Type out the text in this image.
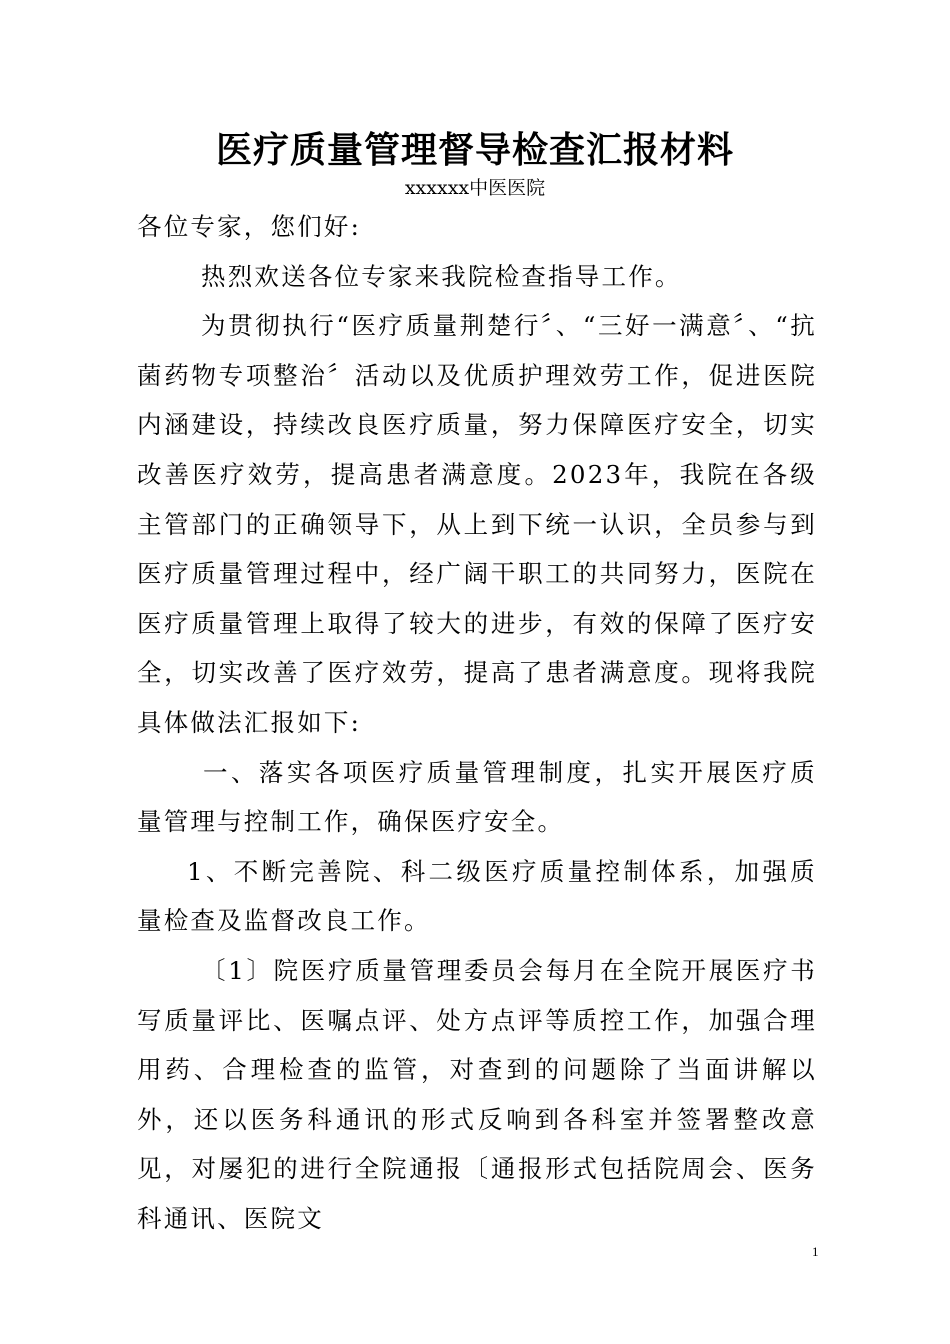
医疗质量管理督导检查汇报材料
xxxxxx中医医院

各位专家，您们好:

热烈欢送各位专家来我院检查指导工作。

为贯彻执行“医疗质量荆楚行〞、“三好一满意〞、“抗菌药物专项整治〞活动以及优质护理效劳工作，促进医院内涵建设，持续改良医疗质量，努力保障医疗安全，切实改善医疗效劳，提高患者满意度。2023年，我院在各级主管部门的正确领导下，从上到下统一认识，全员参与到医疗质量管理过程中，经广阔干职工的共同努力，医院在医疗质量管理上取得了较大的进步，有效的保障了医疗安全，切实改善了医疗效劳，提高了患者满意度。现将我院具体做法汇报如下:

一、落实各项医疗质量管理制度，扎实开展医疗质量管理与控制工作，确保医疗安全。

1、不断完善院、科二级医疗质量控制体系，加强质量检查及监督改良工作。

〔1〕院医疗质量管理委员会每月在全院开展医疗书写质量评比、医嘱点评、处方点评等质控工作，加强合理用药、合理检查的监管，对查到的问题除了当面讲解以外，还以医务科通讯的形式反响到各科室并签署整改意见，对屡犯的进行全院通报〔通报形式包括院周会、医务科通讯、医院文

1
